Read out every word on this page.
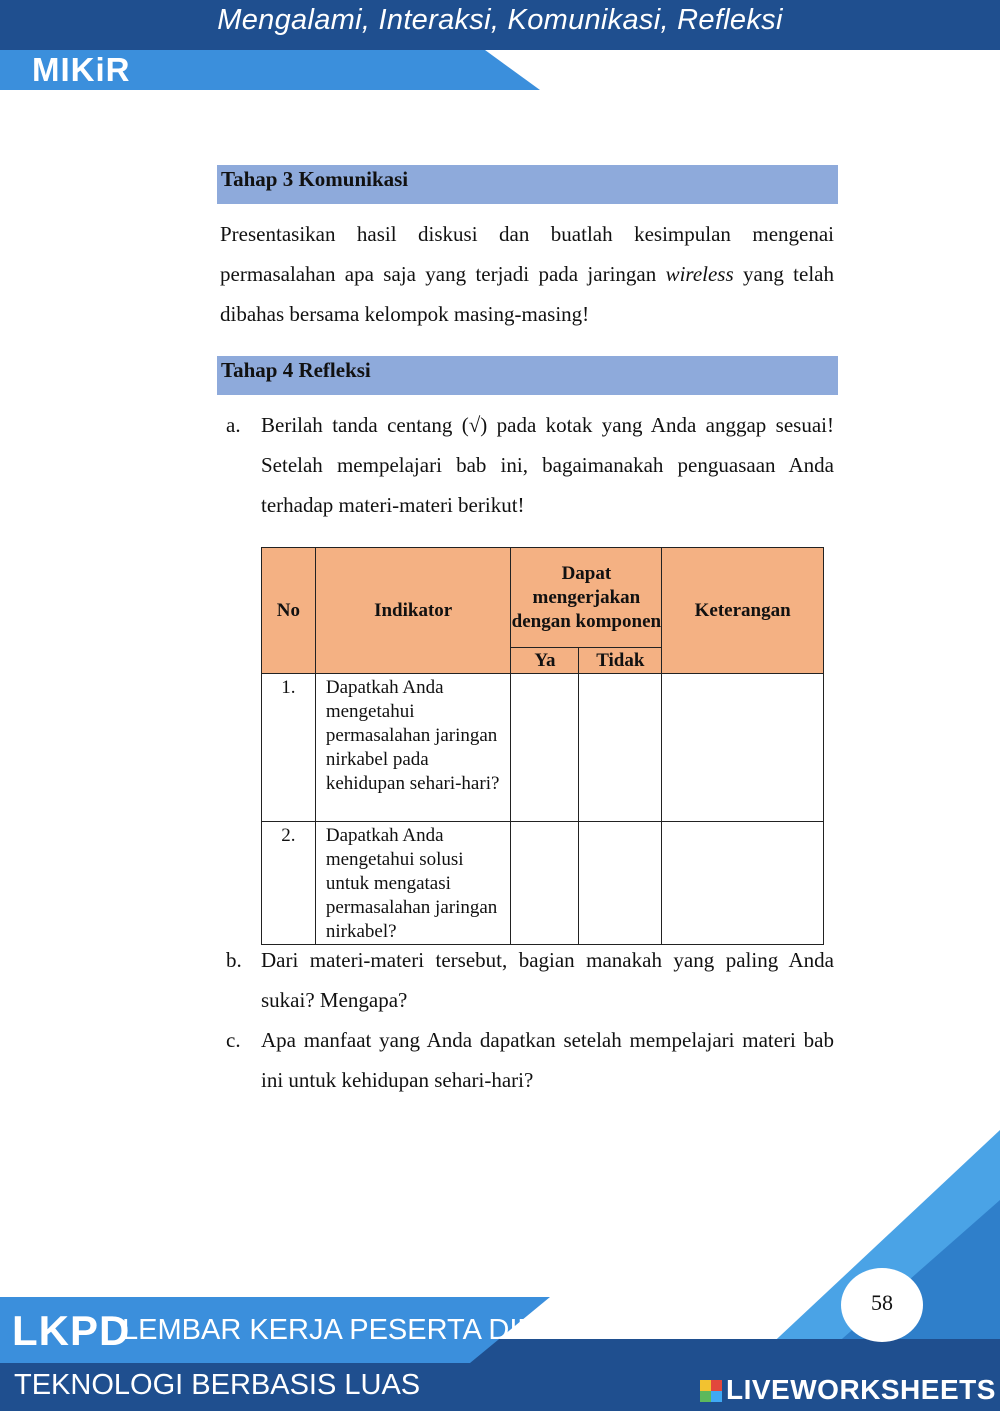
Mengalami, Interaksi, Komunikasi, Refleksi
MIKiR
Tahap 3 Komunikasi
Presentasikan hasil diskusi dan buatlah kesimpulan mengenai permasalahan apa saja yang terjadi pada jaringan wireless yang telah dibahas bersama kelompok masing-masing!
Tahap 4 Refleksi
a. Berilah tanda centang (√) pada kotak yang Anda anggap sesuai! Setelah mempelajari bab ini, bagaimanakah penguasaan Anda terhadap materi-materi berikut!
No	Indikator	Dapat mengerjakan dengan komponen		Keterangan
		Ya	Tidak	
1.	Dapatkah Anda mengetahui permasalahan jaringan nirkabel pada kehidupan sehari-hari?			
2.	Dapatkah Anda mengetahui solusi untuk mengatasi permasalahan jaringan nirkabel?			
b. Dari materi-materi tersebut, bagian manakah yang paling Anda sukai? Mengapa?
c. Apa manfaat yang Anda dapatkan setelah mempelajari materi bab ini untuk kehidupan sehari-hari?
LKPD
LEMBAR KERJA PESERTA DIDIK
TEKNOLOGI BERBASIS LUAS
58
LIVEWORKSHEETS
